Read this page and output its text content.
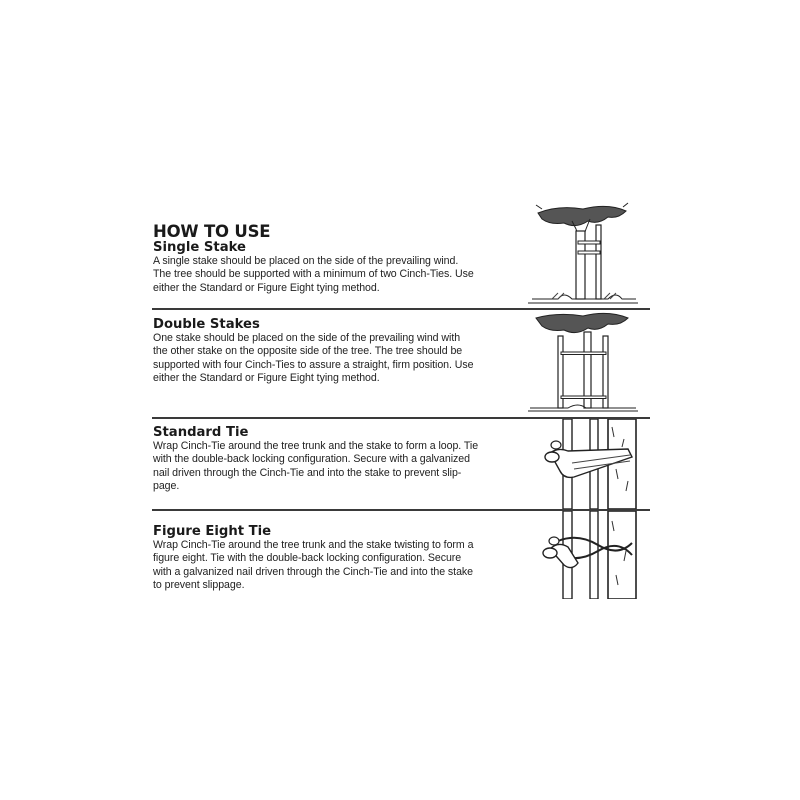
HOW TO USE
Single Stake

A single stake should be placed on the side of the prevailing wind.
The tree should be supported with a minimum of two Cinch-Ties. Use
either the Standard or Figure Eight tying method.

Double Stakes

One stake should be placed on the side of the prevailing wind with
the other stake on the opposite side of the tree. The tree should be
supported with four Cinch-Ties to assure a straight, firm position. Use
either the Standard or Figure Eight tying method.

Standard Tie

Wrap Cinch-Tie around the tree trunk and the stake to form a loop. Tie
with the double-back locking configuration. Secure with a galvanized
nail driven through the Cinch-Tie and into the stake to prevent slip-
page.

Figure Eight Tie

Wrap Cinch-Tie around the tree trunk and the stake twisting to form a
figure eight. Tie with the double-back locking configuration. Secure
with a galvanized nail driven through the Cinch-Tie and into the stake
to prevent slippage.
